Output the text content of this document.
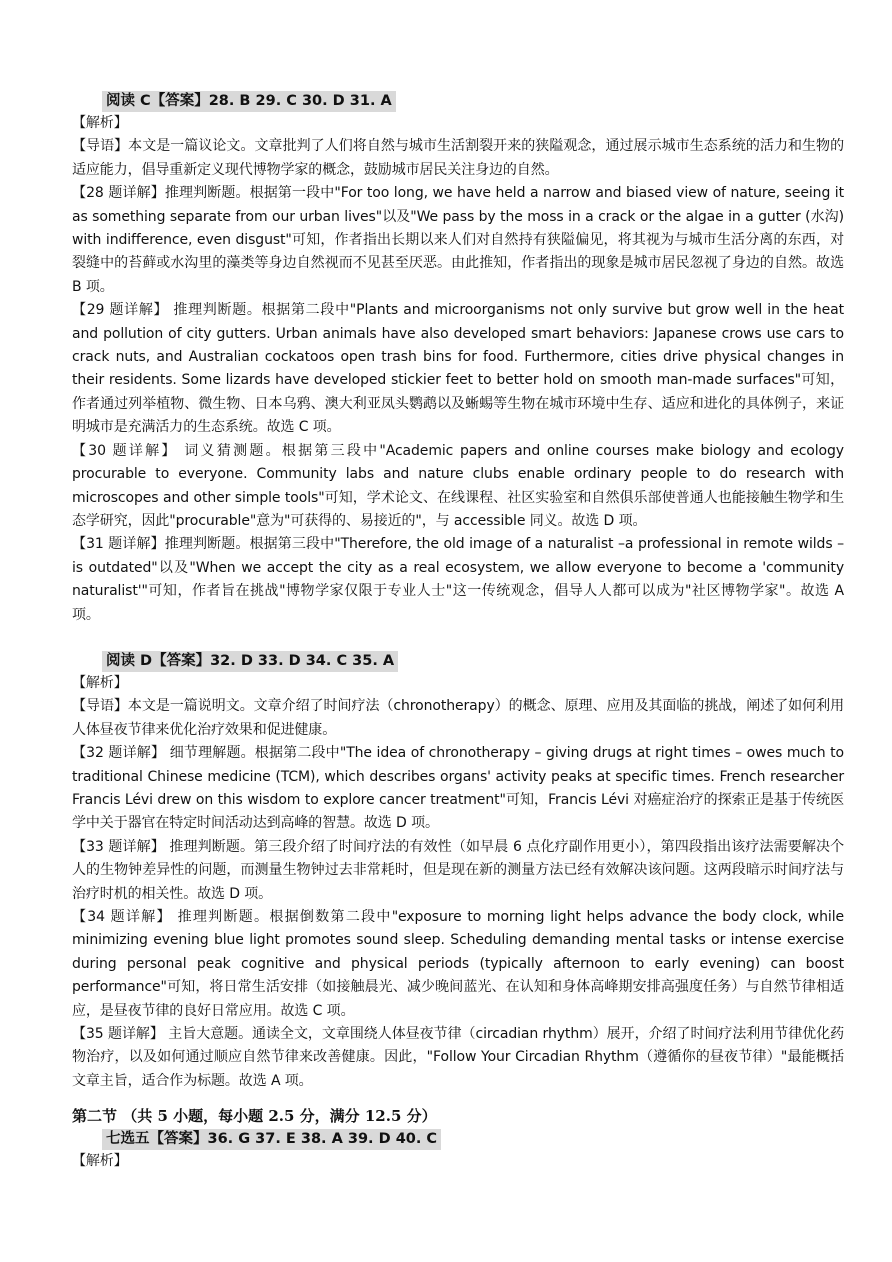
阅读 C【答案】28. B 29. C 30. D 31. A

【解析】

【导语】本文是一篇议论文。文章批判了人们将自然与城市生活割裂开来的狭隘观念，通过展示城市生态系统的活力和生物的适应能力，倡导重新定义现代博物学家的概念，鼓励城市居民关注身边的自然。

【28 题详解】推理判断题。根据第一段中"For too long, we have held a narrow and biased view of nature, seeing it as something separate from our urban lives"以及"We pass by the moss in a crack or the algae in a gutter (水沟) with indifference, even disgust"可知，作者指出长期以来人们对自然持有狭隘偏见，将其视为与城市生活分离的东西，对裂缝中的苔藓或水沟里的藻类等身边自然视而不见甚至厌恶。由此推知，作者指出的现象是城市居民忽视了身边的自然。故选 B 项。

【29 题详解】 推理判断题。根据第二段中"Plants and microorganisms not only survive but grow well in the heat and pollution of city gutters. Urban animals have also developed smart behaviors: Japanese crows use cars to crack nuts, and Australian cockatoos open trash bins for food. Furthermore, cities drive physical changes in their residents. Some lizards have developed stickier feet to better hold on smooth man-made surfaces"可知，作者通过列举植物、微生物、日本乌鸦、澳大利亚凤头鹦鹉以及蜥蜴等生物在城市环境中生存、适应和进化的具体例子，来证明城市是充满活力的生态系统。故选 C 项。

【30 题详解】 词义猜测题。根据第三段中"Academic papers and online courses make biology and ecology procurable to everyone. Community labs and nature clubs enable ordinary people to do research with microscopes and other simple tools"可知，学术论文、在线课程、社区实验室和自然俱乐部使普通人也能接触生物学和生态学研究，因此"procurable"意为"可获得的、易接近的"，与 accessible 同义。故选 D 项。

【31 题详解】推理判断题。根据第三段中"Therefore, the old image of a naturalist –a professional in remote wilds –is outdated"以及"When we accept the city as a real ecosystem, we allow everyone to become a 'community naturalist'"可知，作者旨在挑战"博物学家仅限于专业人士"这一传统观念，倡导人人都可以成为"社区博物学家"。故选 A 项。

阅读 D【答案】32. D 33. D 34. C 35. A

【解析】

【导语】本文是一篇说明文。文章介绍了时间疗法（chronotherapy）的概念、原理、应用及其面临的挑战，阐述了如何利用人体昼夜节律来优化治疗效果和促进健康。

【32 题详解】 细节理解题。根据第二段中"The idea of chronotherapy – giving drugs at right times – owes much to traditional Chinese medicine (TCM), which describes organs' activity peaks at specific times. French researcher Francis Lévi drew on this wisdom to explore cancer treatment"可知，Francis Lévi 对癌症治疗的探索正是基于传统医学中关于器官在特定时间活动达到高峰的智慧。故选 D 项。

【33 题详解】 推理判断题。第三段介绍了时间疗法的有效性（如早晨 6 点化疗副作用更小），第四段指出该疗法需要解决个人的生物钟差异性的问题，而测量生物钟过去非常耗时，但是现在新的测量方法已经有效解决该问题。这两段暗示时间疗法与治疗时机的相关性。故选 D 项。

【34 题详解】 推理判断题。根据倒数第二段中"exposure to morning light helps advance the body clock, while minimizing evening blue light promotes sound sleep. Scheduling demanding mental tasks or intense exercise during personal peak cognitive and physical periods (typically afternoon to early evening) can boost performance"可知，将日常生活安排（如接触晨光、减少晚间蓝光、在认知和身体高峰期安排高强度任务）与自然节律相适应，是昼夜节律的良好日常应用。故选 C 项。

【35 题详解】 主旨大意题。通读全文，文章围绕人体昼夜节律（circadian rhythm）展开，介绍了时间疗法利用节律优化药物治疗，以及如何通过顺应自然节律来改善健康。因此，"Follow Your Circadian Rhythm（遵循你的昼夜节律）"最能概括文章主旨，适合作为标题。故选 A 项。

第二节 （共 5 小题，每小题 2.5 分，满分 12.5 分）
七选五【答案】36. G 37. E 38. A 39. D 40. C

【解析】
